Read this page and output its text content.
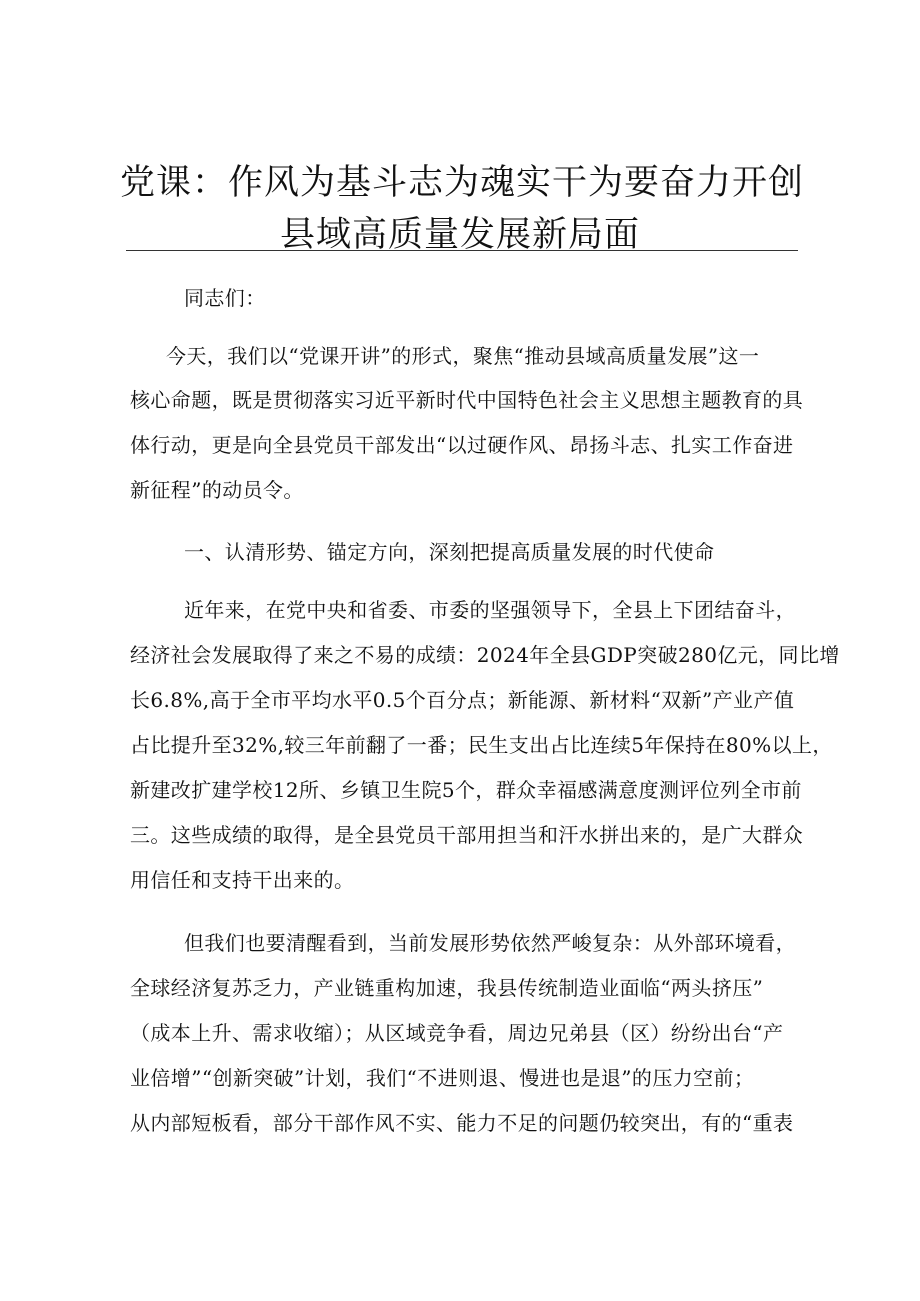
党课：作风为基斗志为魂实干为要奋力开创
县域高质量发展新局面
同志们：
今天，我们以“党课开讲”的形式，聚焦“推动县域高质量发展”这一
核心命题，既是贯彻落实习近平新时代中国特色社会主义思想主题教育的具
体行动，更是向全县党员干部发出“以过硬作风、昂扬斗志、扎实工作奋进
新征程”的动员令。
一、认清形势、锚定方向，深刻把提高质量发展的时代使命
近年来，在党中央和省委、市委的坚强领导下，全县上下团结奋斗，
经济社会发展取得了来之不易的成绩：2024年全县GDP突破280亿元，同比增
长6.8%,高于全市平均水平0.5个百分点；新能源、新材料“双新”产业产值
占比提升至32%,较三年前翻了一番；民生支出占比连续5年保持在80%以上，
新建改扩建学校12所、乡镇卫生院5个，群众幸福感满意度测评位列全市前
三。这些成绩的取得，是全县党员干部用担当和汗水拼出来的，是广大群众
用信任和支持干出来的。
但我们也要清醒看到，当前发展形势依然严峻复杂：从外部环境看，
全球经济复苏乏力，产业链重构加速，我县传统制造业面临“两头挤压”
（成本上升、需求收缩）；从区域竞争看，周边兄弟县（区）纷纷出台“产
业倍增”“创新突破”计划，我们“不进则退、慢进也是退”的压力空前；
从内部短板看，部分干部作风不实、能力不足的问题仍较突出，有的“重表
